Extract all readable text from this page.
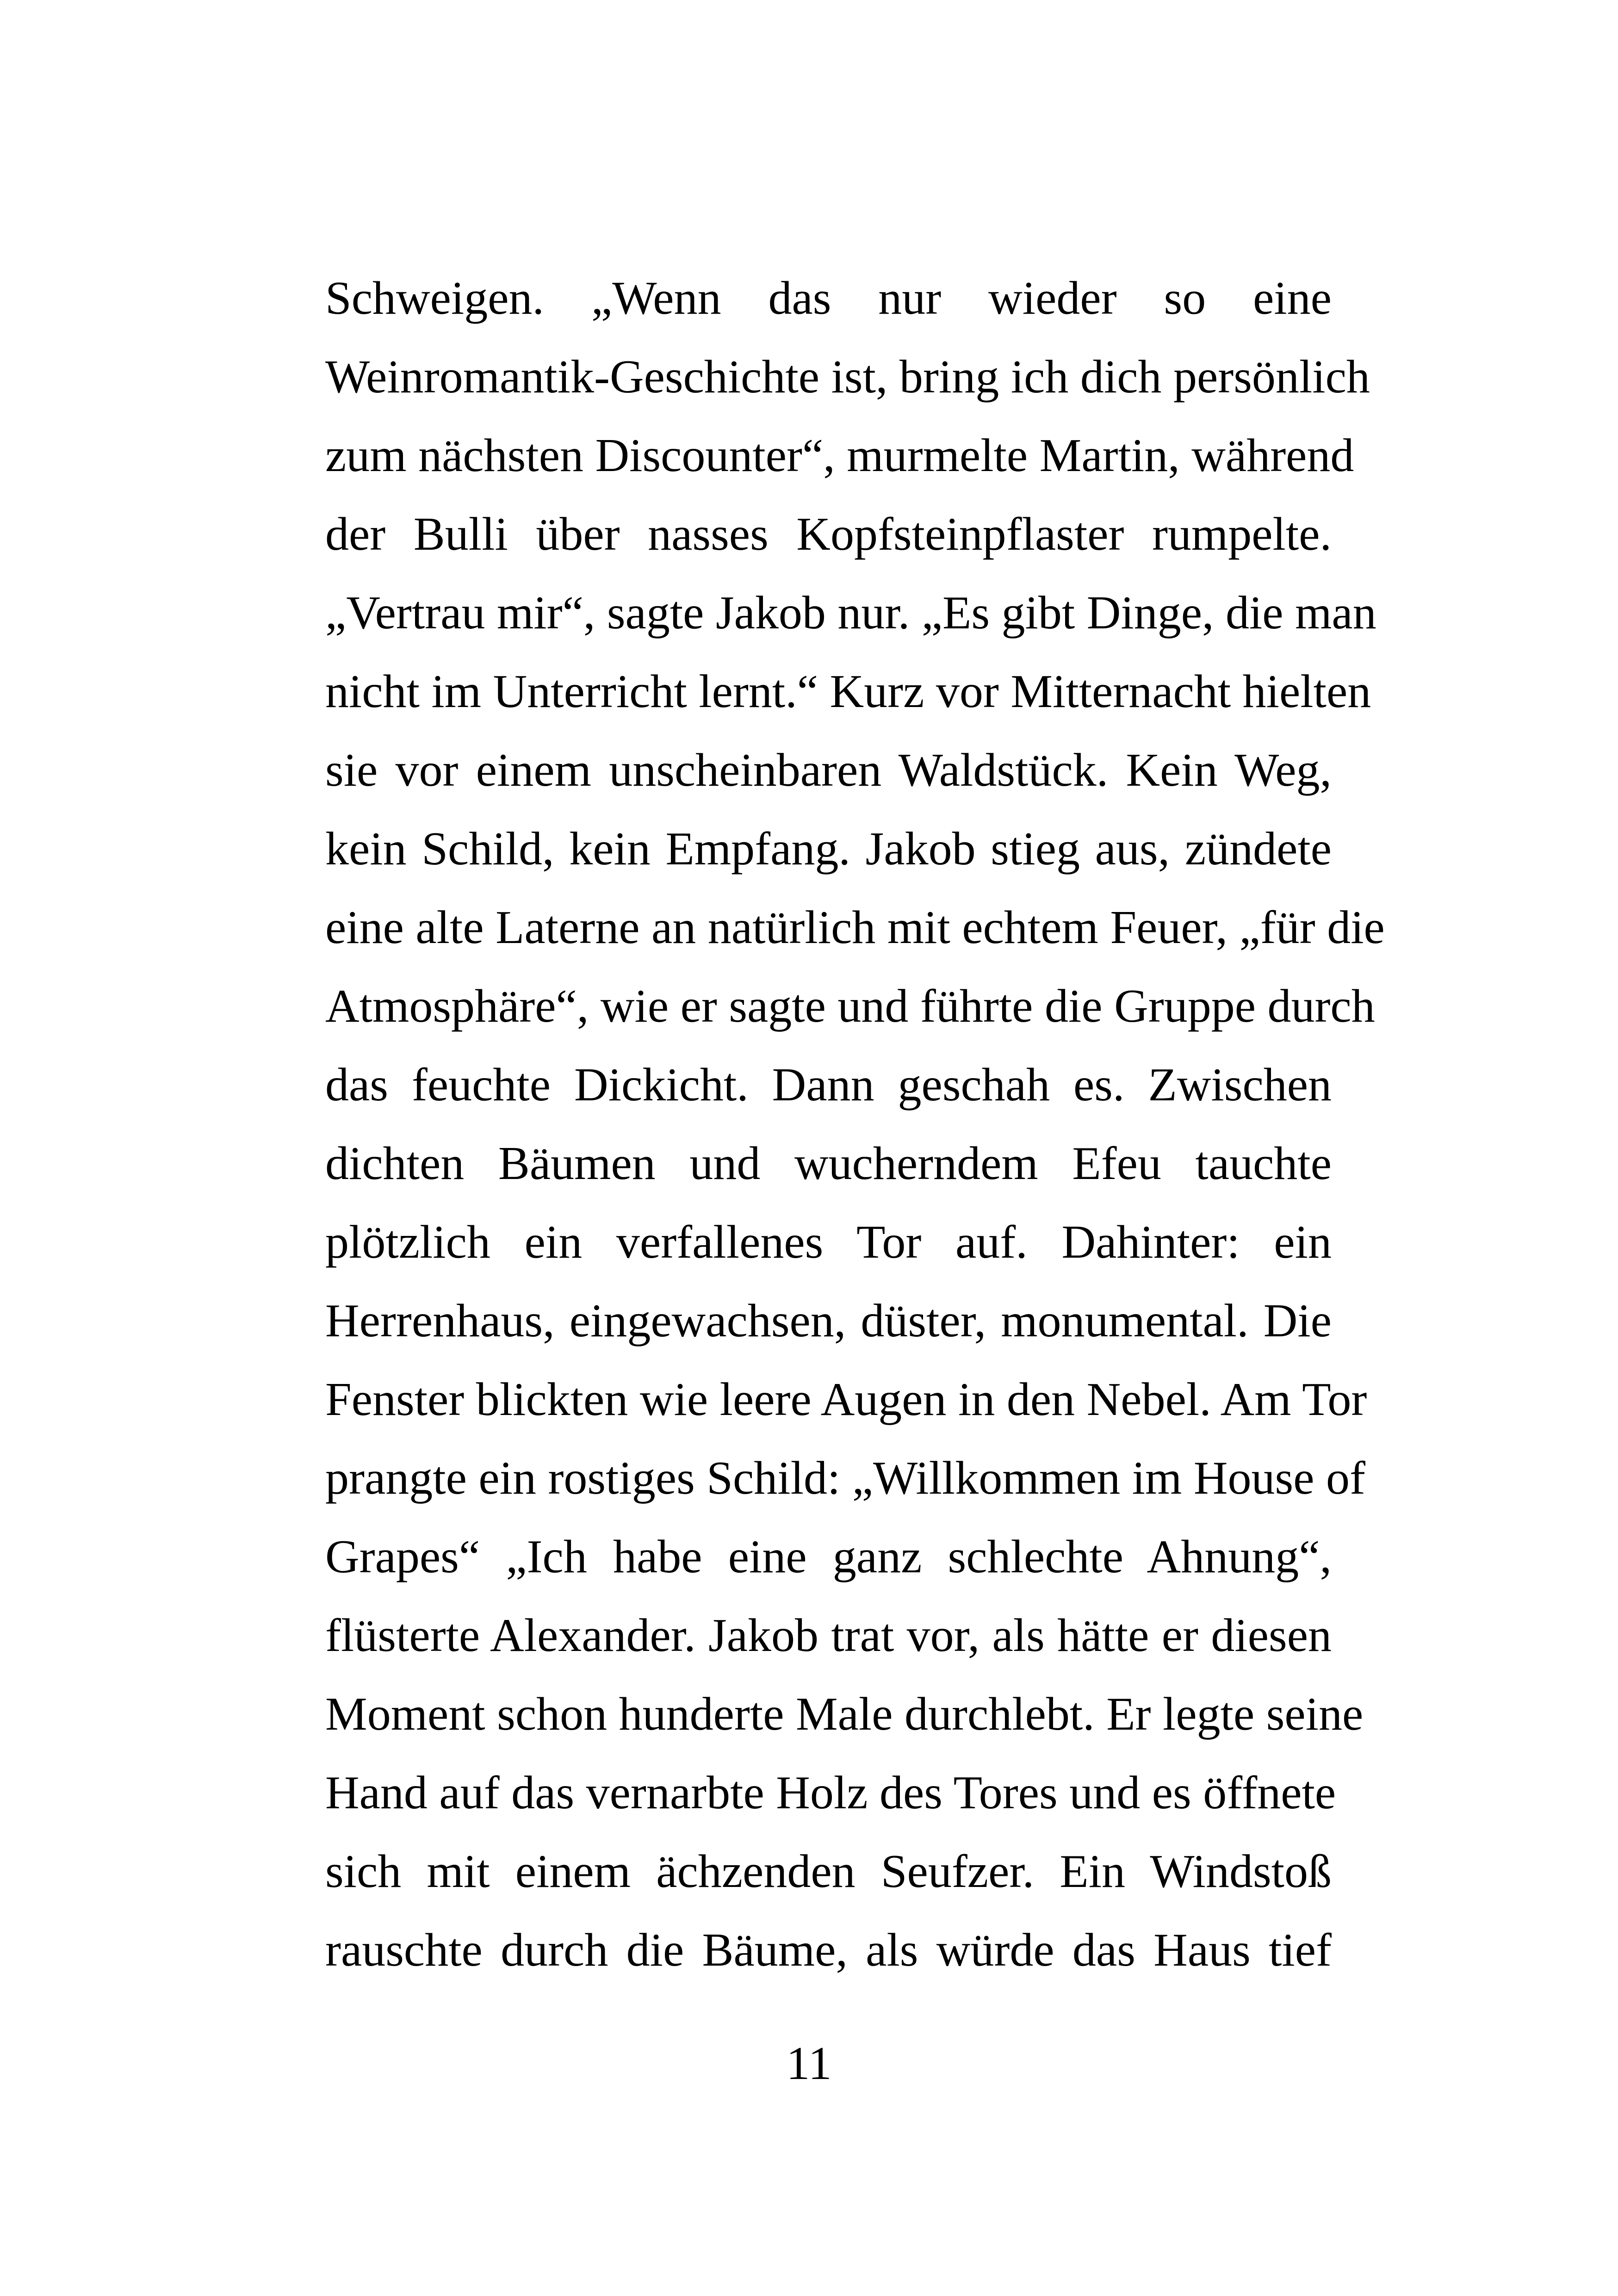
Schweigen. „Wenn das nur wieder so eine
Weinromantik-Geschichte ist, bring ich dich persönlich
zum nächsten Discounter“, murmelte Martin, während
der Bulli über nasses Kopfsteinpflaster rumpelte.
„Vertrau mir“, sagte Jakob nur. „Es gibt Dinge, die man
nicht im Unterricht lernt.“ Kurz vor Mitternacht hielten
sie vor einem unscheinbaren Waldstück. Kein Weg,
kein Schild, kein Empfang. Jakob stieg aus, zündete
eine alte Laterne an natürlich mit echtem Feuer, „für die
Atmosphäre“, wie er sagte und führte die Gruppe durch
das feuchte Dickicht. Dann geschah es. Zwischen
dichten Bäumen und wucherndem Efeu tauchte
plötzlich ein verfallenes Tor auf. Dahinter: ein
Herrenhaus, eingewachsen, düster, monumental. Die
Fenster blickten wie leere Augen in den Nebel. Am Tor
prangte ein rostiges Schild: „Willkommen im House of
Grapes“ „Ich habe eine ganz schlechte Ahnung“,
flüsterte Alexander. Jakob trat vor, als hätte er diesen
Moment schon hunderte Male durchlebt. Er legte seine
Hand auf das vernarbte Holz des Tores und es öffnete
sich mit einem ächzenden Seufzer. Ein Windstoß
rauschte durch die Bäume, als würde das Haus tief
11
